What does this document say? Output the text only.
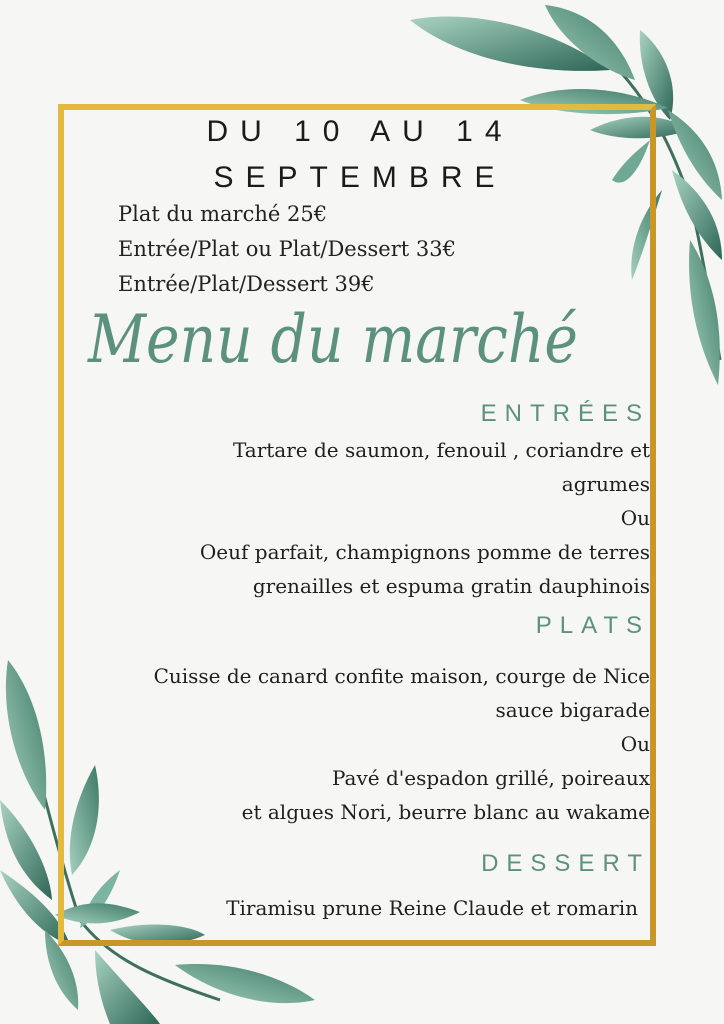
DU 10 AU 14
SEPTEMBRE
Plat du marché 25€
Entrée/Plat ou Plat/Dessert 33€
Entrée/Plat/Dessert 39€
Menu du marché
ENTRÉES
Tartare de saumon, fenouil , coriandre et
agrumes
Ou
Oeuf parfait, champignons pomme de terres
grenailles et espuma gratin dauphinois
PLATS
Cuisse de canard confite maison, courge de Nice
sauce bigarade
Ou
Pavé d'espadon grillé, poireaux
et algues Nori, beurre blanc au wakame
DESSERT
Tiramisu prune Reine Claude et romarin
